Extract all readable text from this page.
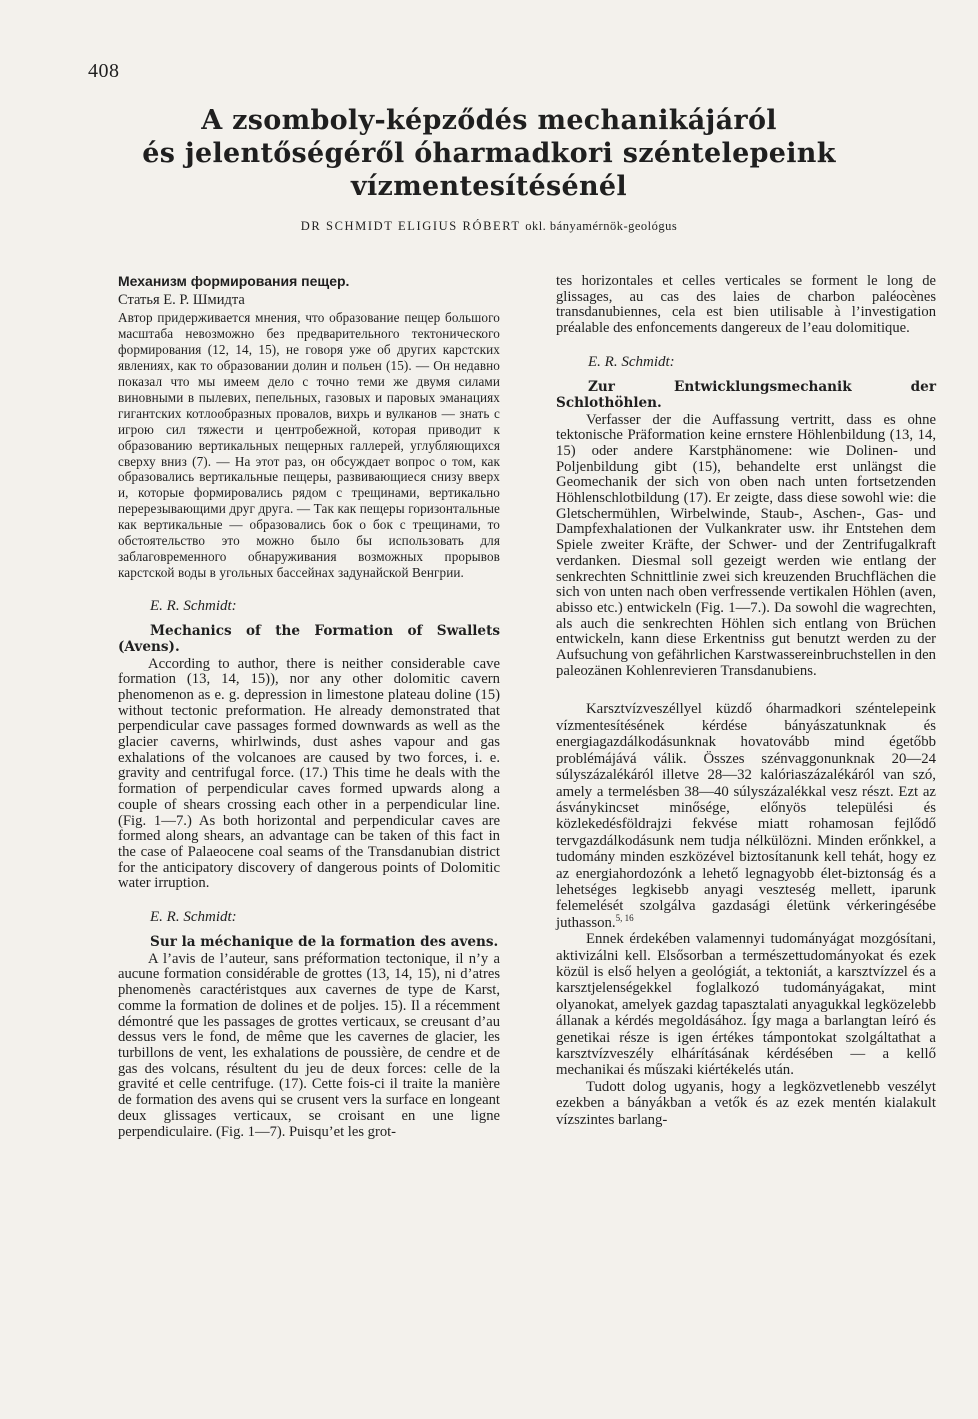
408
A zsomboly-képződés mechanikájáról
és jelentőségéről óharmadkori széntelepeink
vízmentesítésénél
DR SCHMIDT ELIGIUS RÓBERT okl. bányamérnök-geológus

Механизм формирования пещер.

Статья Е. Р. Шмидта

Автор придерживается мнения, что образование пещер большого масштаба невозможно без предварительного тектонического формирования (12, 14, 15), не говоря уже об других карстских явлениях, как то образовании долин и польен (15). — Он недавно показал что мы имеем дело с точно теми же двумя силами виновными в пылевих, пепельных, газовых и паровых эманациях гигантских котлообразных провалов, вихрь и вулканов — знать с игрою сил тяжести и центробежной, которая приводит к образованию вертикальных пещерных галлерей, углубляющихся сверху вниз (7). — На этот раз, он обсуждает вопрос о том, как образовались вертикальные пещеры, развивающиеся снизу вверх и, которые формировались рядом с трещинами, вертикально перерезывающими друг друга. — Так как пещеры горизонтальные как вертикальные — образовались бок о бок с трещинами, то обстоятельство это можно было бы использовать для заблаговременного обнаруживания возможных прорывов карстской воды в угольных бассейнах задунайской Венгрии.

E. R. Schmidt:

Mechanics of the Formation of Swallets (Avens).

According to author, there is neither considerable cave formation (13, 14, 15)), nor any other dolomitic cavern phenomenon as e. g. depression in limestone plateau doline (15) without tectonic preformation. He already demonstrated that perpendicular cave passages formed downwards as well as the glacier caverns, whirlwinds, dust ashes vapour and gas exhalations of the volcanoes are caused by two forces, i. e. gravity and centrifugal force. (17.) This time he deals with the formation of perpendicular caves formed upwards along a couple of shears crossing each other in a perpendicular line. (Fig. 1—7.) As both horizontal and perpendicular caves are formed along shears, an advantage can be taken of this fact in the case of Palaeocene coal seams of the Transdanubian district for the anticipatory discovery of dangerous points of Dolomitic water irruption.

E. R. Schmidt:

Sur la méchanique de la formation des avens.

A l’avis de l’auteur, sans préformation tectonique, il n’y a aucune formation considérable de grottes (13, 14, 15), ni d’atres phenomenès caractéristques aux cavernes de type de Karst, comme la formation de dolines et de poljes. 15). Il a récemment démontré que les passages de grottes verticaux, se creusant d’au dessus vers le fond, de même que les cavernes de glacier, les turbillons de vent, les exhalations de poussière, de cendre et de gas des volcans, résultent du jeu de deux forces: celle de la gravité et celle centrifuge. (17). Cette fois-ci il traite la manière de formation des avens qui se crusent vers la surface en longeant deux glissages verticaux, se croisant en une ligne perpendiculaire. (Fig. 1—7). Puisqu’et les grot-

tes horizontales et celles verticales se forment le long de glissages, au cas des laies de charbon paléocènes transdanubiennes, cela est bien utilisable à l’investigation préalable des enfoncements dangereux de l’eau dolomitique.

E. R. Schmidt:

Zur Entwicklungsmechanik der Schlothöhlen.

Verfasser der die Auffassung vertritt, dass es ohne tektonische Präformation keine ernstere Höhlenbildung (13, 14, 15) oder andere Karstphänomene: wie Dolinen- und Poljenbildung gibt (15), behandelte erst unlängst die Geomechanik der sich von oben nach unten fortsetzenden Höhlenschlotbildung (17). Er zeigte, dass diese sowohl wie: die Gletschermühlen, Wirbelwinde, Staub-, Aschen-, Gas- und Dampfexhalationen der Vulkankrater usw. ihr Entstehen dem Spiele zweiter Kräfte, der Schwer- und der Zentrifugalkraft verdanken. Diesmal soll gezeigt werden wie entlang der senkrechten Schnittlinie zwei sich kreuzenden Bruchflächen die sich von unten nach oben verfressende vertikalen Höhlen (aven, abisso etc.) entwickeln (Fig. 1—7.). Da sowohl die wagrechten, als auch die senkrechten Höhlen sich entlang von Brüchen entwickeln, kann diese Erkentniss gut benutzt werden zu der Aufsuchung von gefährlichen Karstwassereinbruchstellen in den paleozänen Kohlenrevieren Transdanubiens.

Karsztvízveszéllyel küzdő óharmadkori széntelepeink vízmentesítésének kérdése bányászatunknak és energiagazdálkodásunknak hovatovább mind égetőbb problémájává válik. Összes szénvaggonunknak 20—24 súlyszázalékáról illetve 28—32 kalóriaszázalékáról van szó, amely a termelésben 38—40 súlyszázalékkal vesz részt. Ezt az ásványkincset minősége, előnyös települési és közlekedésföldrajzi fekvése miatt rohamosan fejlődő tervgazdálkodásunk nem tudja nélkülözni. Minden erőnkkel, a tudomány minden eszközével biztosítanunk kell tehát, hogy ez az energiahordozónk a lehető legnagyobb élet-biztonság és a lehetséges legkisebb anyagi veszteség mellett, iparunk felemelését szolgálva gazdasági életünk vérkeringésébe juthasson.$^{5, 16}$

Ennek érdekében valamennyi tudományágat mozgósítani, aktivizálni kell. Elsősorban a természettudományokat és ezek közül is első helyen a geológiát, a tektoniát, a karsztvízzel és a karsztjelenségekkel foglalkozó tudományágakat, mint olyanokat, amelyek gazdag tapasztalati anyagukkal legközelebb állanak a kérdés megoldásához. Így maga a barlangtan leíró és genetikai része is igen értékes támpontokat szolgáltathat a karsztvízveszély elhárításának kérdésében — a kellő mechanikai és műszaki kiértékelés után.

Tudott dolog ugyanis, hogy a legközvetlenebb veszélyt ezekben a bányákban a vetők és az ezek mentén kialakult vízszintes barlang-
